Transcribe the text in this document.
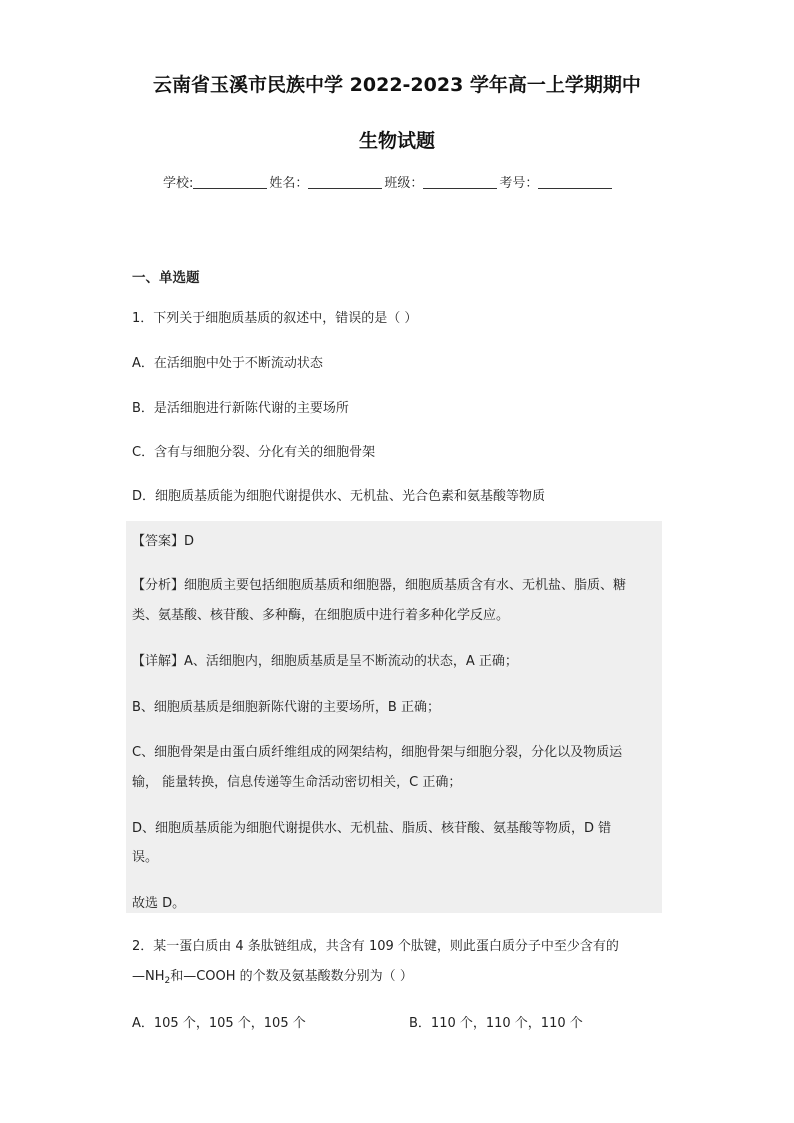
云南省玉溪市民族中学 2022-2023 学年高一上学期期中
生物试题
学校:	姓名：	班级：	考号：
一、单选题
1．下列关于细胞质基质的叙述中，错误的是（ ）
A．在活细胞中处于不断流动状态
B．是活细胞进行新陈代谢的主要场所
C．含有与细胞分裂、分化有关的细胞骨架
D．细胞质基质能为细胞代谢提供水、无机盐、光合色素和氨基酸等物质
【答案】D
【分析】细胞质主要包括细胞质基质和细胞器，细胞质基质含有水、无机盐、脂质、糖
类、氨基酸、核苷酸、多种酶，在细胞质中进行着多种化学反应。
【详解】A、活细胞内，细胞质基质是呈不断流动的状态，A 正确；
B、细胞质基质是细胞新陈代谢的主要场所，B 正确；
C、细胞骨架是由蛋白质纤维组成的网架结构，细胞骨架与细胞分裂，分化以及物质运
输， 能量转换，信息传递等生命活动密切相关，C 正确；
D、细胞质基质能为细胞代谢提供水、无机盐、脂质、核苷酸、氨基酸等物质，D 错
误。
故选 D。
2．某一蛋白质由 4 条肽链组成，共含有 109 个肽键，则此蛋白质分子中至少含有的
$—NH_2$和—COOH 的个数及氨基酸数分别为（ ）
A．105 个，105 个，105 个	B．110 个，110 个，110 个
